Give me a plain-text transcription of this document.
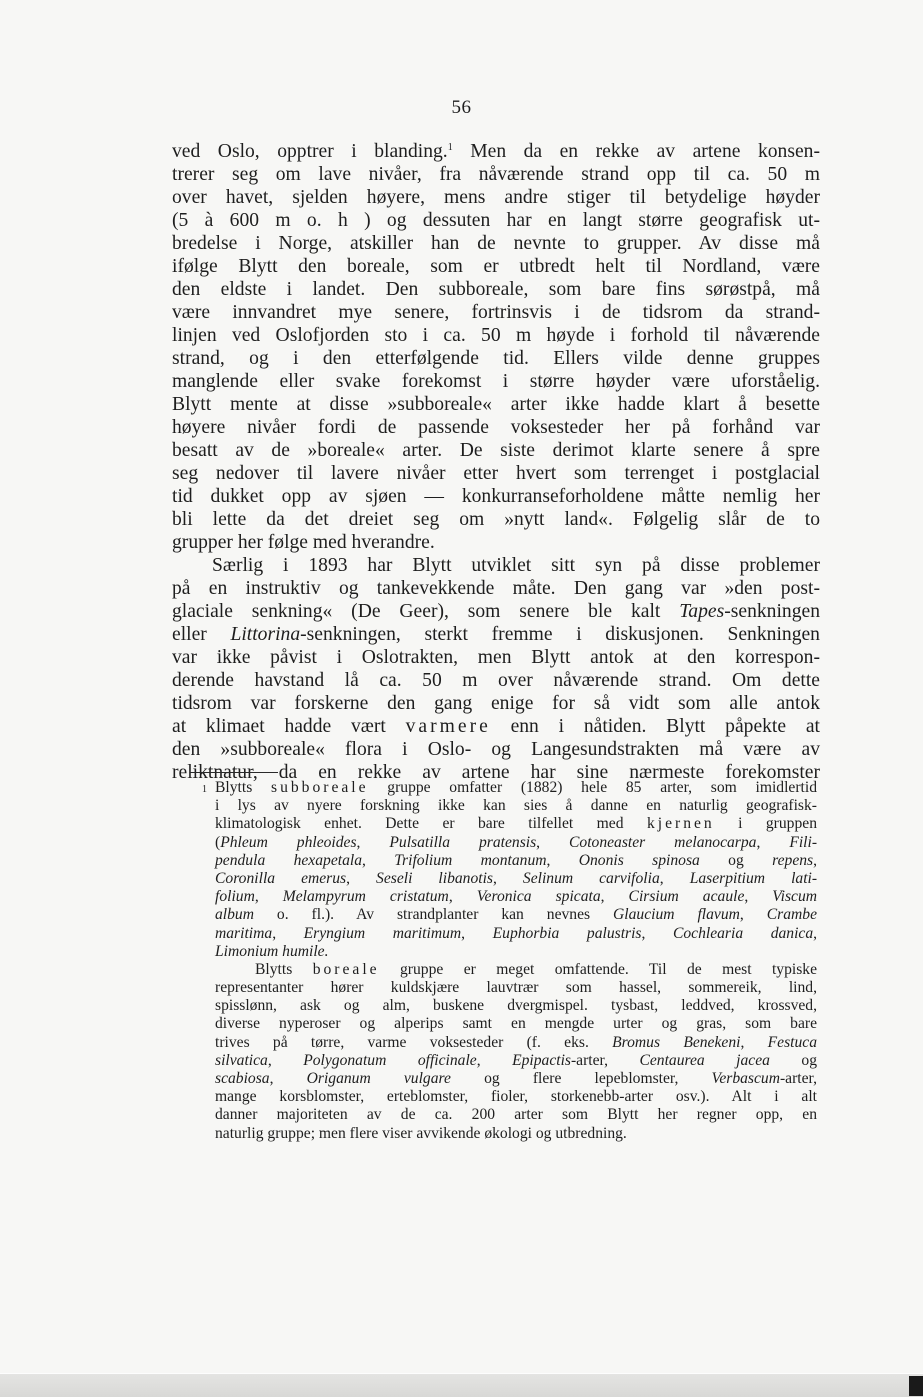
56
ved Oslo, opptrer i blanding.$^1$ Men da en rekke av artene konsen-
trerer seg om lave nivåer, fra nåværende strand opp til ca. 50 m
over havet, sjelden høyere, mens andre stiger til betydelige høyder
(5 à 600 m o. h ) og dessuten har en langt større geografisk ut-
bredelse i Norge, atskiller han de nevnte to grupper. Av disse må
ifølge Blytt den boreale, som er utbredt helt til Nordland, være
den eldste i landet. Den subboreale, som bare fins sørøstpå, må
være innvandret mye senere, fortrinsvis i de tidsrom da strand-
linjen ved Oslofjorden sto i ca. 50 m høyde i forhold til nåværende
strand, og i den etterfølgende tid. Ellers vilde denne gruppes
manglende eller svake forekomst i større høyder være uforståelig.
Blytt mente at disse »subboreale« arter ikke hadde klart å besette
høyere nivåer fordi de passende voksesteder her på forhånd var
besatt av de »boreale« arter. De siste derimot klarte senere å spre
seg nedover til lavere nivåer etter hvert som terrenget i postglacial
tid dukket opp av sjøen — konkurranseforholdene måtte nemlig her
bli lette da det dreiet seg om »nytt land«. Følgelig slår de to
grupper her følge med hverandre.
Særlig i 1893 har Blytt utviklet sitt syn på disse problemer
på en instruktiv og tankevekkende måte. Den gang var »den post-
glaciale senkning« (De Geer), som senere ble kalt Tapes-senkningen
eller Littorina-senkningen, sterkt fremme i diskusjonen. Senkningen
var ikke påvist i Oslotrakten, men Blytt antok at den korrespon-
derende havstand lå ca. 50 m over nåværende strand. Om dette
tidsrom var forskerne den gang enige for så vidt som alle antok
at klimaet hadde vært varmere enn i nåtiden. Blytt påpekte at
den »subboreale« flora i Oslo- og Langesundstrakten må være av
reliktnatur, da en rekke av artene har sine nærmeste forekomster
1 Blytts subboreale gruppe omfatter (1882) hele 85 arter, som imidlertid
i lys av nyere forskning ikke kan sies å danne en naturlig geografisk-
klimatologisk enhet. Dette er bare tilfellet med kjernen i gruppen
(Phleum phleoides, Pulsatilla pratensis, Cotoneaster melanocarpa, Fili-
pendula hexapetala, Trifolium montanum, Ononis spinosa og repens,
Coronilla emerus, Seseli libanotis, Selinum carvifolia, Laserpitium lati-
folium, Melampyrum cristatum, Veronica spicata, Cirsium acaule, Viscum
album o. fl.). Av strandplanter kan nevnes Glaucium flavum, Crambe
maritima, Eryngium maritimum, Euphorbia palustris, Cochlearia danica,
Limonium humile.
Blytts boreale gruppe er meget omfattende. Til de mest typiske
representanter hører kuldskjære lauvtrær som hassel, sommereik, lind,
spisslønn, ask og alm, buskene dvergmispel. tysbast, leddved, krossved,
diverse nyperoser og alperips samt en mengde urter og gras, som bare
trives på tørre, varme voksesteder (f. eks. Bromus Benekeni, Festuca
silvatica, Polygonatum officinale, Epipactis-arter, Centaurea jacea og
scabiosa, Origanum vulgare og flere lepeblomster, Verbascum-arter,
mange korsblomster, erteblomster, fioler, storkenebb-arter osv.). Alt i alt
danner majoriteten av de ca. 200 arter som Blytt her regner opp, en
naturlig gruppe; men flere viser avvikende økologi og utbredning.
